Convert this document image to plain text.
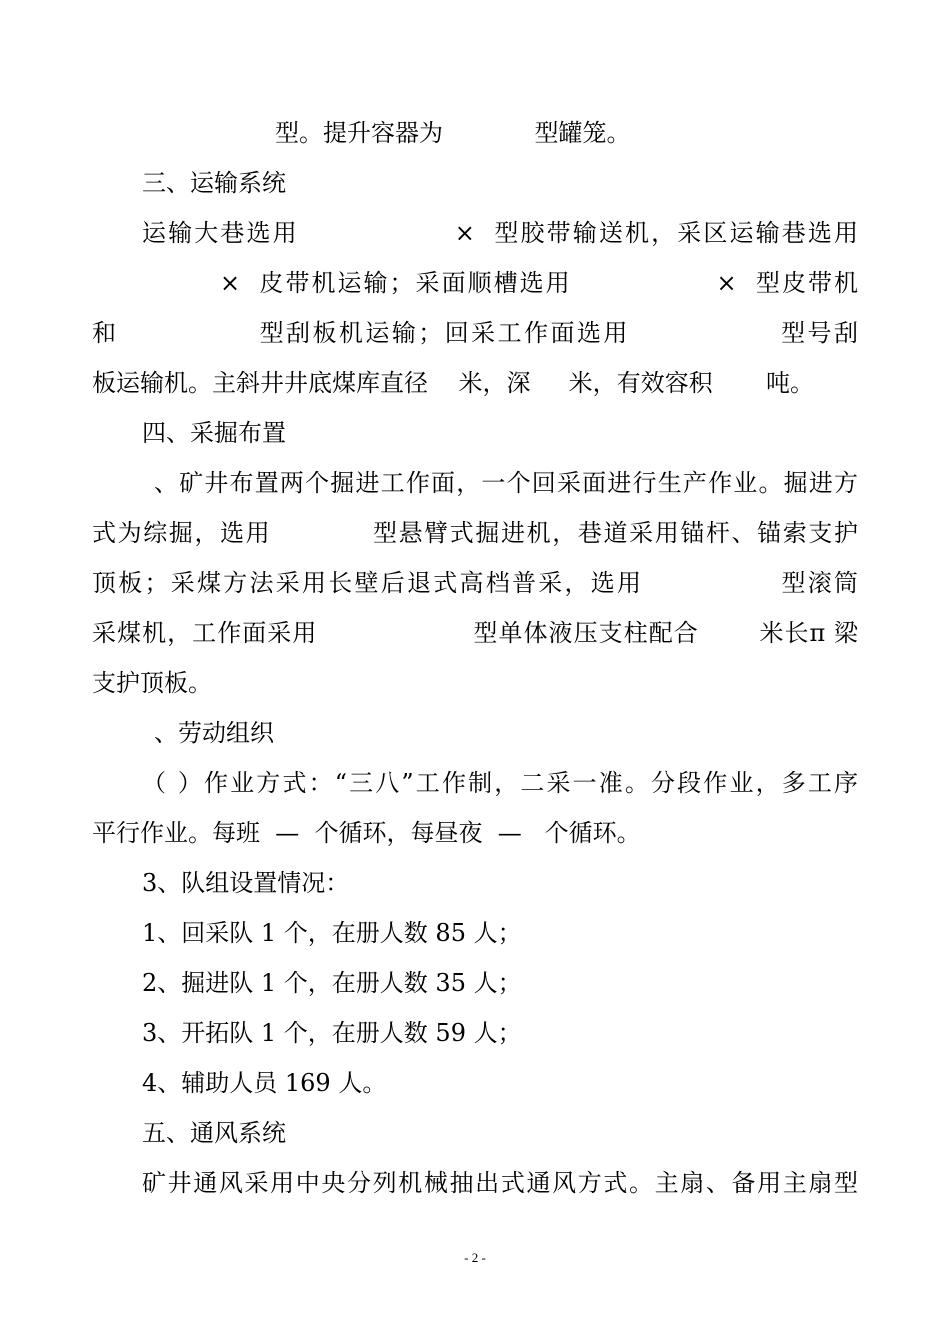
型。提升容器为            型罐笼。
三、运输系统
运输大巷选用                ×  型胶带输送机，采区运输巷选用
×  皮带机运输；采面顺槽选用               ×  型皮带机
和              型刮板机运输；回采工作面选用               型号刮
板运输机。主斜井井底煤库直径    米，深     米，有效容积       吨。
四、采掘布置
、矿井布置两个掘进工作面，一个回采面进行生产作业。掘进方
式为综掘，选用           型悬臂式掘进机，巷道采用锚杆、锚索支护
顶板；采煤方法采用长壁后退式高档普采，选用              型滚筒
采煤机，工作面采用                  型单体液压支柱配合       米长π 梁
支护顶板。
、劳动组织
（ ）作业方式：“三八”工作制，二采一准。分段作业，多工序
平行作业。每班  —  个循环，每昼夜  —   个循环。
3、队组设置情况：
1、回采队 1 个，在册人数 85 人；
2、掘进队 1 个，在册人数 35 人；
3、开拓队 1 个，在册人数 59 人；
4、辅助人员 169 人。
五、通风系统
矿井通风采用中央分列机械抽出式通风方式。主扇、备用主扇型
- 2 -
